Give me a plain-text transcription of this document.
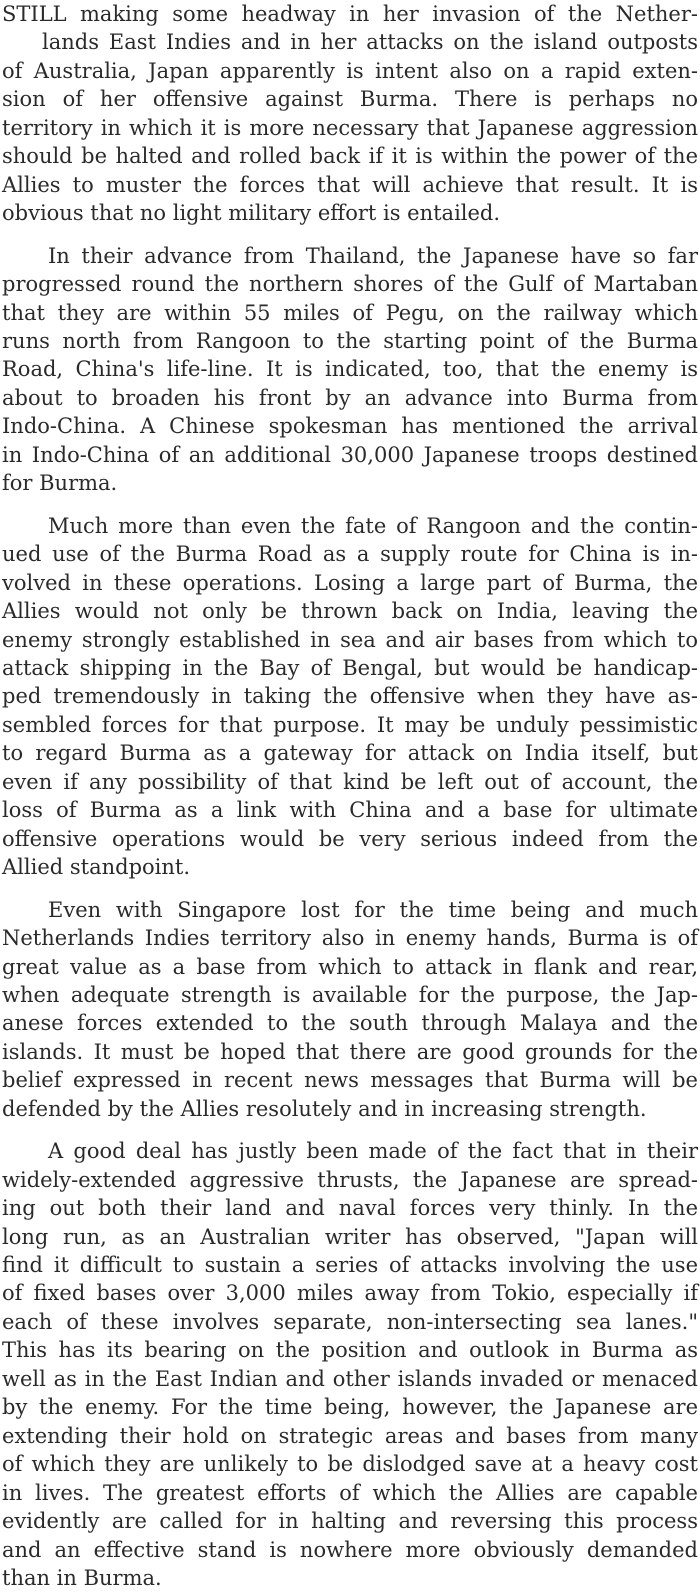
STILL making some headway in her invasion of the Nether-
lands East Indies and in her attacks on the island outposts
of Australia, Japan apparently is intent also on a rapid exten-
sion of her offensive against Burma. There is perhaps no
territory in which it is more necessary that Japanese aggression
should be halted and rolled back if it is within the power of the
Allies to muster the forces that will achieve that result. It is
obvious that no light military effort is entailed.
In their advance from Thailand, the Japanese have so far
progressed round the northern shores of the Gulf of Martaban
that they are within 55 miles of Pegu, on the railway which
runs north from Rangoon to the starting point of the Burma
Road, China's life-line. It is indicated, too, that the enemy is
about to broaden his front by an advance into Burma from
Indo-China. A Chinese spokesman has mentioned the arrival
in Indo-China of an additional 30,000 Japanese troops destined
for Burma.
Much more than even the fate of Rangoon and the contin-
ued use of the Burma Road as a supply route for China is in-
volved in these operations. Losing a large part of Burma, the
Allies would not only be thrown back on India, leaving the
enemy strongly established in sea and air bases from which to
attack shipping in the Bay of Bengal, but would be handicap-
ped tremendously in taking the offensive when they have as-
sembled forces for that purpose. It may be unduly pessimistic
to regard Burma as a gateway for attack on India itself, but
even if any possibility of that kind be left out of account, the
loss of Burma as a link with China and a base for ultimate
offensive operations would be very serious indeed from the
Allied standpoint.
Even with Singapore lost for the time being and much
Netherlands Indies territory also in enemy hands, Burma is of
great value as a base from which to attack in flank and rear,
when adequate strength is available for the purpose, the Jap-
anese forces extended to the south through Malaya and the
islands. It must be hoped that there are good grounds for the
belief expressed in recent news messages that Burma will be
defended by the Allies resolutely and in increasing strength.
A good deal has justly been made of the fact that in their
widely-extended aggressive thrusts, the Japanese are spread-
ing out both their land and naval forces very thinly. In the
long run, as an Australian writer has observed, "Japan will
find it difficult to sustain a series of attacks involving the use
of fixed bases over 3,000 miles away from Tokio, especially if
each of these involves separate, non-intersecting sea lanes."
This has its bearing on the position and outlook in Burma as
well as in the East Indian and other islands invaded or menaced
by the enemy. For the time being, however, the Japanese are
extending their hold on strategic areas and bases from many
of which they are unlikely to be dislodged save at a heavy cost
in lives. The greatest efforts of which the Allies are capable
evidently are called for in halting and reversing this process
and an effective stand is nowhere more obviously demanded
than in Burma.
